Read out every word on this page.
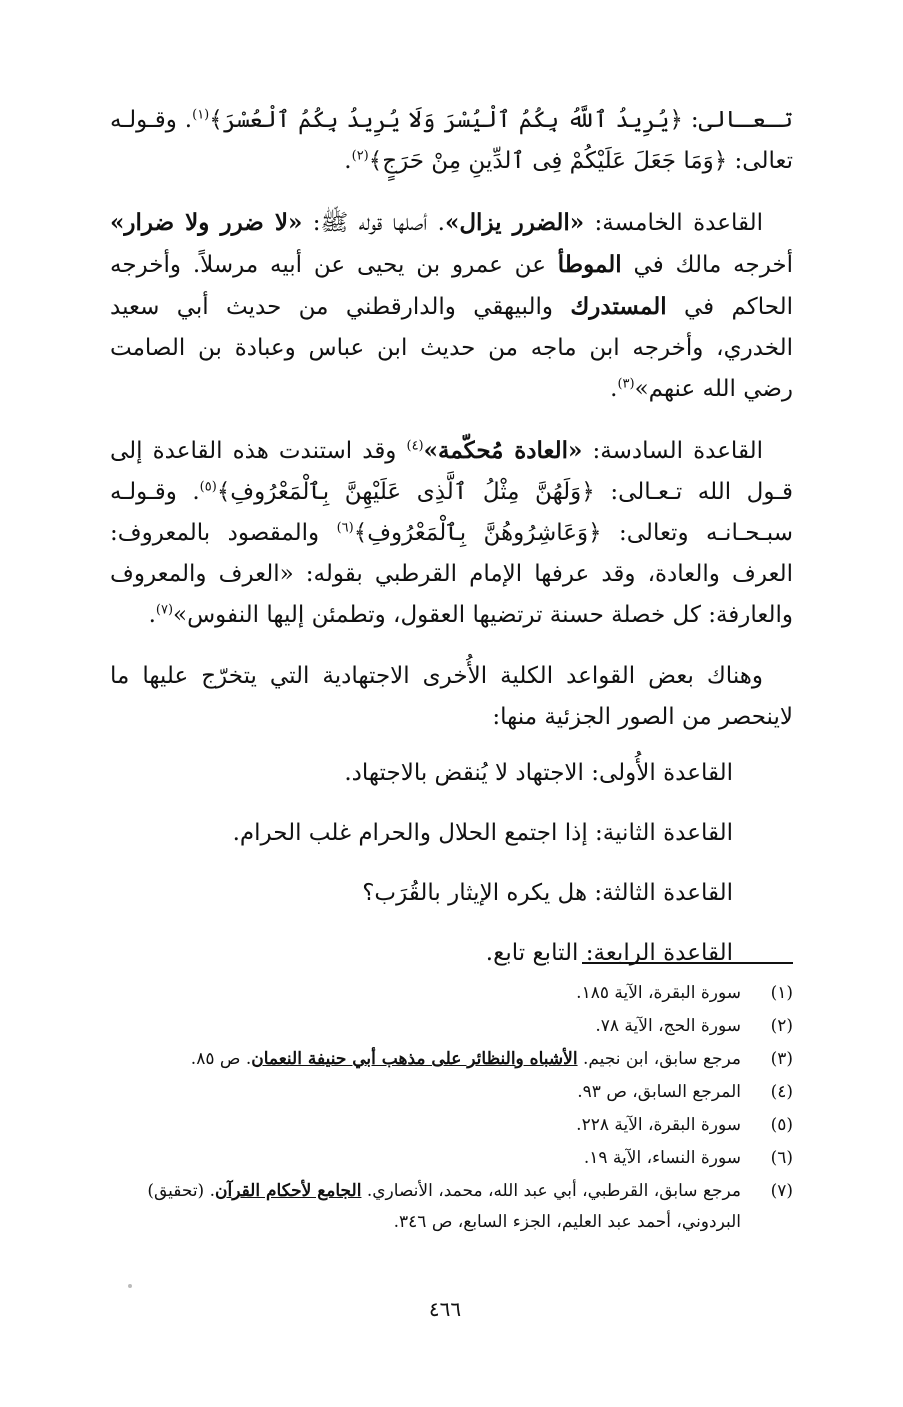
تـعـالى: ﴿يُرِيدُ ٱللَّهُ بِكُمُ ٱلْيُسْرَ وَلَا يُرِيدُ بِكُمُ ٱلْعُسْرَ﴾$^{(١)}$. وقـولـه تعالى: ﴿وَمَا جَعَلَ عَلَيْكُمْ فِى ٱلدِّينِ مِنْ حَرَجٍ﴾$^{(٢)}$.

القاعدة الخامسة: «الضرر يزال». أصلها قوله ﷺ: «لا ضرر ولا ضرار» أخرجه مالك في الموطأ عن عمرو بن يحيى عن أبيه مرسلاً. وأخرجه الحاكم في المستدرك والبيهقي والدارقطني من حديث أبي سعيد الخدري، وأخرجه ابن ماجه من حديث ابن عباس وعبادة بن الصامت رضي الله عنهم»$^{(٣)}$.

القاعدة السادسة: «العادة مُحكّمة»$^{(٤)}$ وقد استندت هذه القاعدة إلى قـول الله تـعـالى: ﴿وَلَهُنَّ مِثْلُ ٱلَّذِى عَلَيْهِنَّ بِٱلْمَعْرُوفِ﴾$^{(٥)}$. وقـولـه سبـحـانـه وتعالى: ﴿وَعَاشِرُوهُنَّ بِٱلْمَعْرُوفِ﴾$^{(٦)}$ والمقصود بالمعروف: العرف والعادة، وقد عرفها الإمام القرطبي بقوله: «العرف والمعروف والعارفة: كل خصلة حسنة ترتضيها العقول، وتطمئن إليها النفوس»$^{(٧)}$.

وهناك بعض القواعد الكلية الأُخرى الاجتهادية التي يتخرّج عليها ما لاينحصر من الصور الجزئية منها:

القاعدة الأُولى: الاجتهاد لا يُنقض بالاجتهاد.
القاعدة الثانية: إذا اجتمع الحلال والحرام غلب الحرام.
القاعدة الثالثة: هل يكره الإيثار بالقُرَب؟
القاعدة الرابعة: التابع تابع.
(١)
سورة البقرة، الآية ١٨٥.
(٢)
سورة الحج، الآية ٧٨.
(٣)
مرجع سابق، ابن نجيم. الأشباه والنظائر على مذهب أبي حنيفة النعمان. ص ٨٥.
(٤)
المرجع السابق، ص ٩٣.
(٥)
سورة البقرة، الآية ٢٢٨.
(٦)
سورة النساء، الآية ١٩.
(٧)
مرجع سابق، القرطبي، أبي عبد الله، محمد، الأنصاري. الجامع لأحكام القرآن. (تحقيق) البردوني، أحمد عبد العليم، الجزء السابع، ص ٣٤٦.
٤٦٦
